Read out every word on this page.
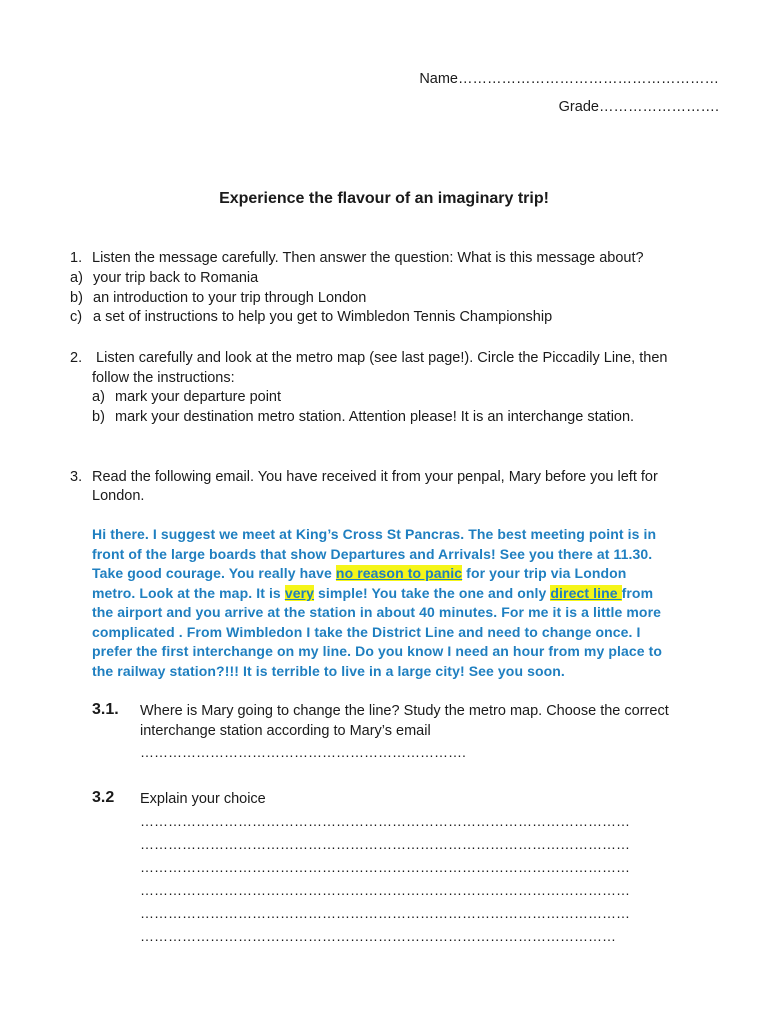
Name………………………………………………
Grade…………………….
Experience the flavour of an imaginary trip!
1. Listen the message carefully. Then answer the question: What is this message about?
a) your trip back to Romania
b) an introduction to your trip through London
c) a set of instructions to help you get to Wimbledon Tennis Championship
2. Listen carefully and look at the metro map (see last page!). Circle the Piccadily Line, then
follow the instructions:
a) mark your departure point
b) mark your destination metro station. Attention please! It is an interchange station.
3. Read the following email. You have received it from your penpal, Mary before you left for
London.
Hi there. I suggest we meet at King’s Cross St Pancras. The best meeting point is in
front of the large boards that show Departures and Arrivals! See you there at 11.30.
Take good courage. You really have no reason to panic for your trip via London
metro. Look at the map. It is very simple! You take the one and only direct line from
the airport and you arrive at the station in about 40 minutes. For me it is a little more
complicated . From Wimbledon I take the District Line and need to change once. I
prefer the first interchange on my line. Do you know I need an hour from my place to
the railway station?!!! It is terrible to live in a large city! See you soon.
3.1. Where is Mary going to change the line? Study the metro map. Choose the correct
interchange station according to Mary’s email
…………………………………………………………….
3.2 Explain your choice
……………………………………………………………………………………………
……………………………………………………………………………………………
……………………………………………………………………………………………
……………………………………………………………………………………………
……………………………………………………………………………………………
…………………………………………………………………………………………
